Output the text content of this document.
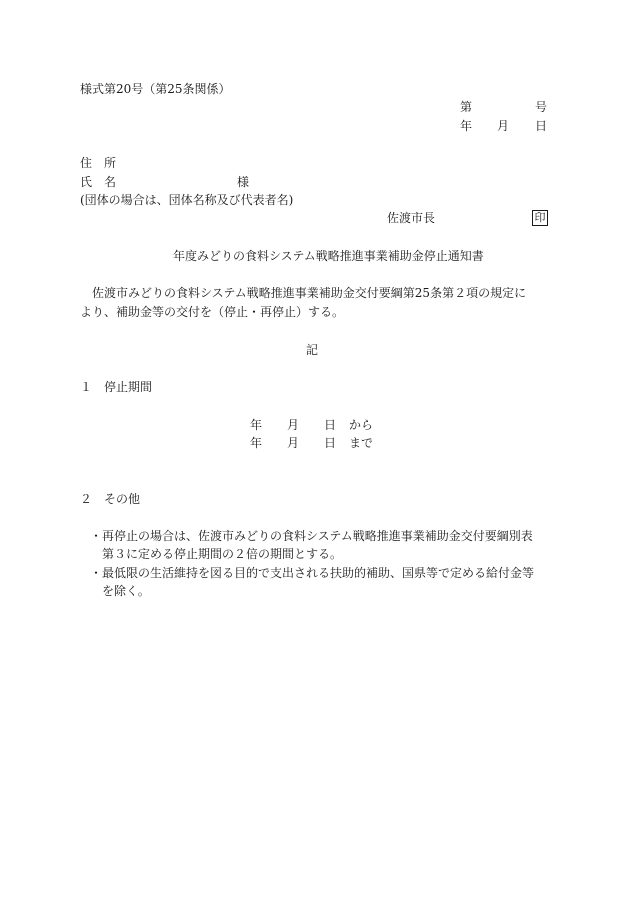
様式第20号（第25条関係）
第	号
年 月 日
住　所
氏　名	様
(団体の場合は、団体名称及び代表者名)
佐渡市長	印
年度みどりの食料システム戦略推進事業補助金停止通知書
佐渡市みどりの食料システム戦略推進事業補助金交付要綱第25条第２項の規定に
より、補助金等の交付を（停止・再停止）する。
記
１　停止期間
年 月 日 から
年 月 日 まで
２　その他
・ 再停止の場合は、佐渡市みどりの食料システム戦略推進事業補助金交付要綱別表
第３に定める停止期間の２倍の期間とする。
・ 最低限の生活維持を図る目的で支出される扶助的補助、国県等で定める給付金等
を除く。
